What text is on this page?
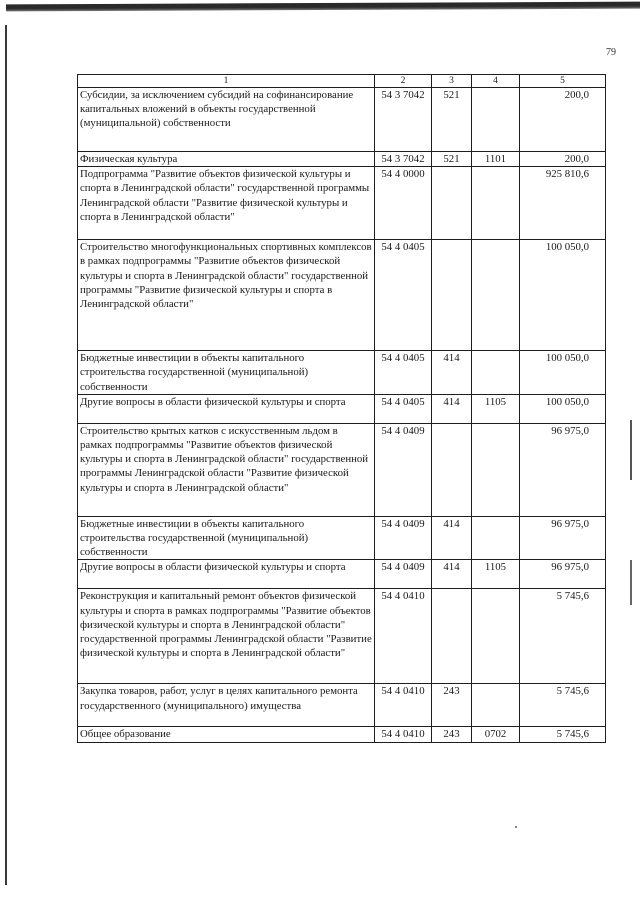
79
1	2	3	4	5
Субсидии, за исключением субсидий на софинансирование капитальных вложений в объекты государственной (муниципальной) собственности	54 3 7042	521		200,0
Физическая культура	54 3 7042	521	1101	200,0
Подпрограмма "Развитие объектов физической культуры и спорта в Ленинградской области" государственной программы Ленинградской области "Развитие физической культуры и спорта в Ленинградской области"	54 4 0000			925 810,6
Строительство многофункциональных спортивных комплексов в рамках подпрограммы "Развитие объектов физической культуры и спорта в Ленинградской области" государственной программы "Развитие физической культуры и спорта в Ленинградской области"	54 4 0405			100 050,0
Бюджетные инвестиции в объекты капитального строительства государственной (муниципальной) собственности	54 4 0405	414		100 050,0
Другие вопросы в области физической культуры и спорта	54 4 0405	414	1105	100 050,0
Строительство крытых катков с искусственным льдом в рамках подпрограммы "Развитие объектов физической культуры и спорта в Ленинградской области" государственной программы Ленинградской области "Развитие физической культуры и спорта в Ленинградской области"	54 4 0409			96 975,0
Бюджетные инвестиции в объекты капитального строительства государственной (муниципальной) собственности	54 4 0409	414		96 975,0
Другие вопросы в области физической культуры и спорта	54 4 0409	414	1105	96 975,0
Реконструкция и капитальный ремонт объектов физической культуры и спорта в рамках подпрограммы "Развитие объектов физической культуры и спорта в Ленинградской области" государственной программы Ленинградской области "Развитие физической культуры и спорта в Ленинградской области"	54 4 0410			5 745,6
Закупка товаров, работ, услуг в целях капитального ремонта государственного (муниципального) имущества	54 4 0410	243		5 745,6
Общее образование	54 4 0410	243	0702	5 745,6
